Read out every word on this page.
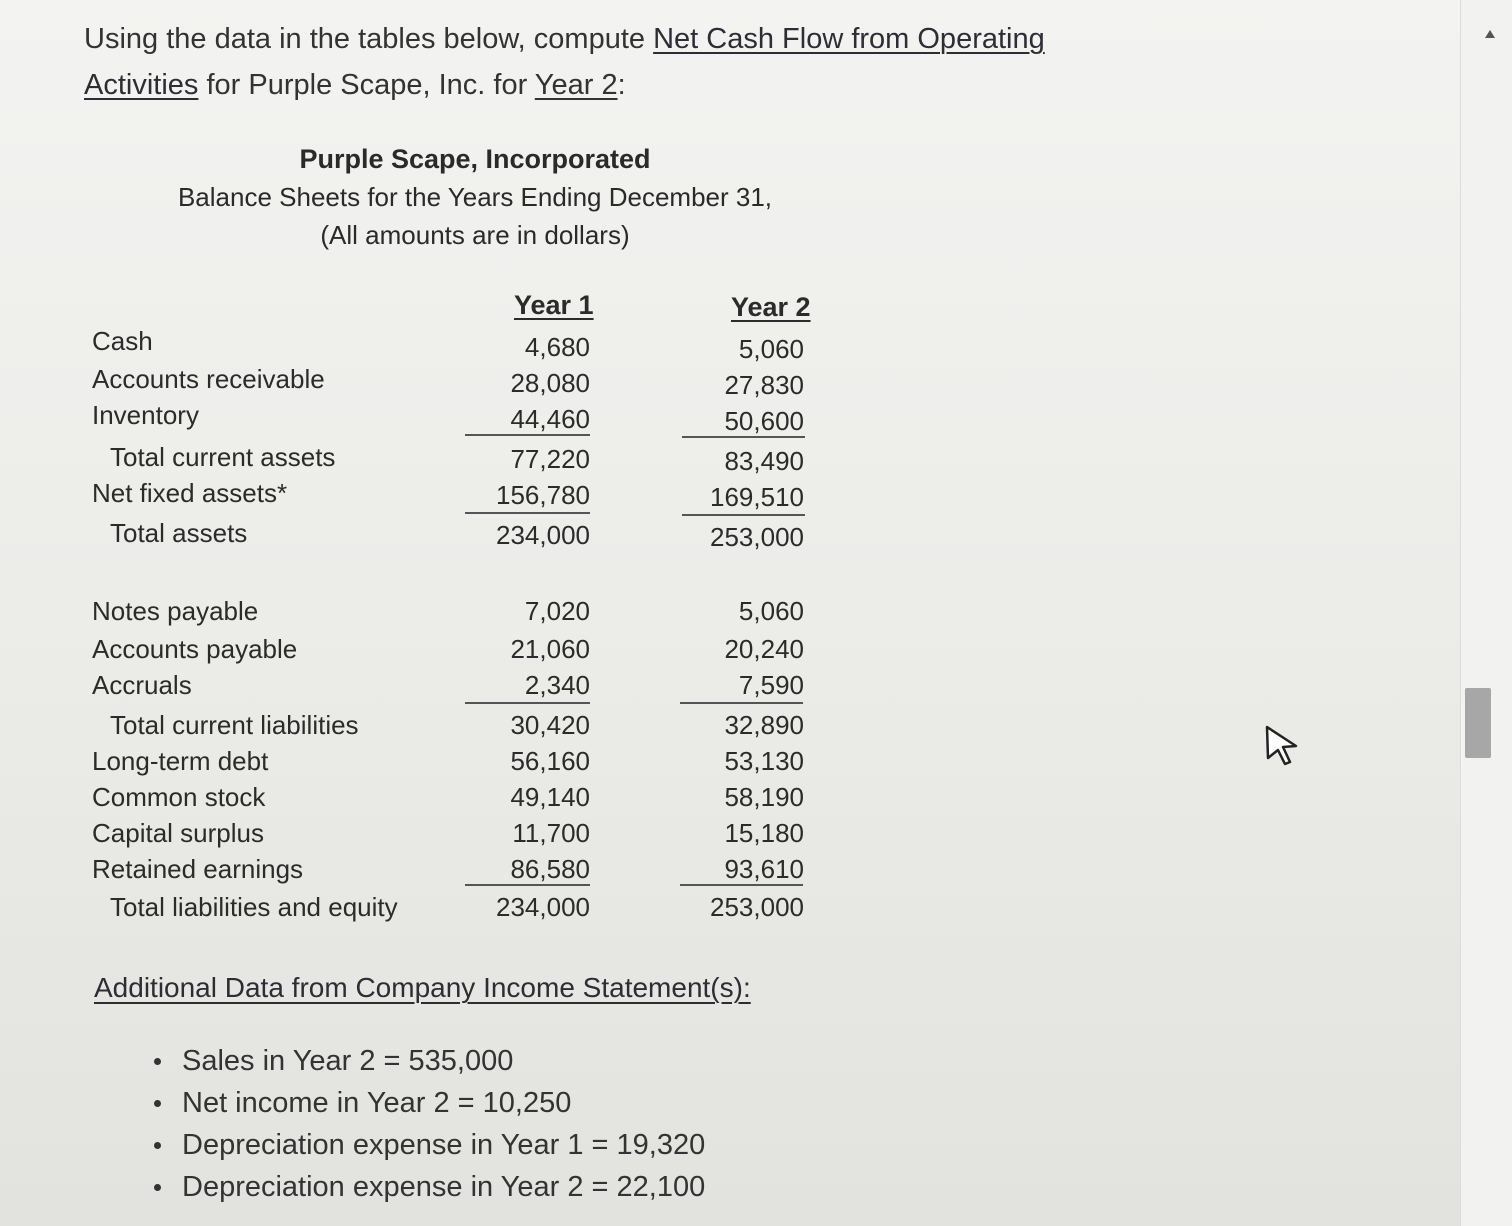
Using the data in the tables below, compute Net Cash Flow from Operating
Activities for Purple Scape, Inc. for Year 2:
Purple Scape, Incorporated
Balance Sheets for the Years Ending December 31,
(All amounts are in dollars)
Year 1	Year 2
Cash	4,680	5,060
Accounts receivable	28,080	27,830
Inventory	44,460	50,600
Total current assets	77,220	83,490
Net fixed assets*	156,780	169,510
Total assets	234,000	253,000
Notes payable	7,020	5,060
Accounts payable	21,060	20,240
Accruals	2,340	7,590
Total current liabilities	30,420	32,890
Long-term debt	56,160	53,130
Common stock	49,140	58,190
Capital surplus	11,700	15,180
Retained earnings	86,580	93,610
Total liabilities and equity	234,000	253,000
Additional Data from Company Income Statement(s):
Sales in Year 2 = 535,000
Net income in Year 2 = 10,250
Depreciation expense in Year 1 = 19,320
Depreciation expense in Year 2 = 22,100
